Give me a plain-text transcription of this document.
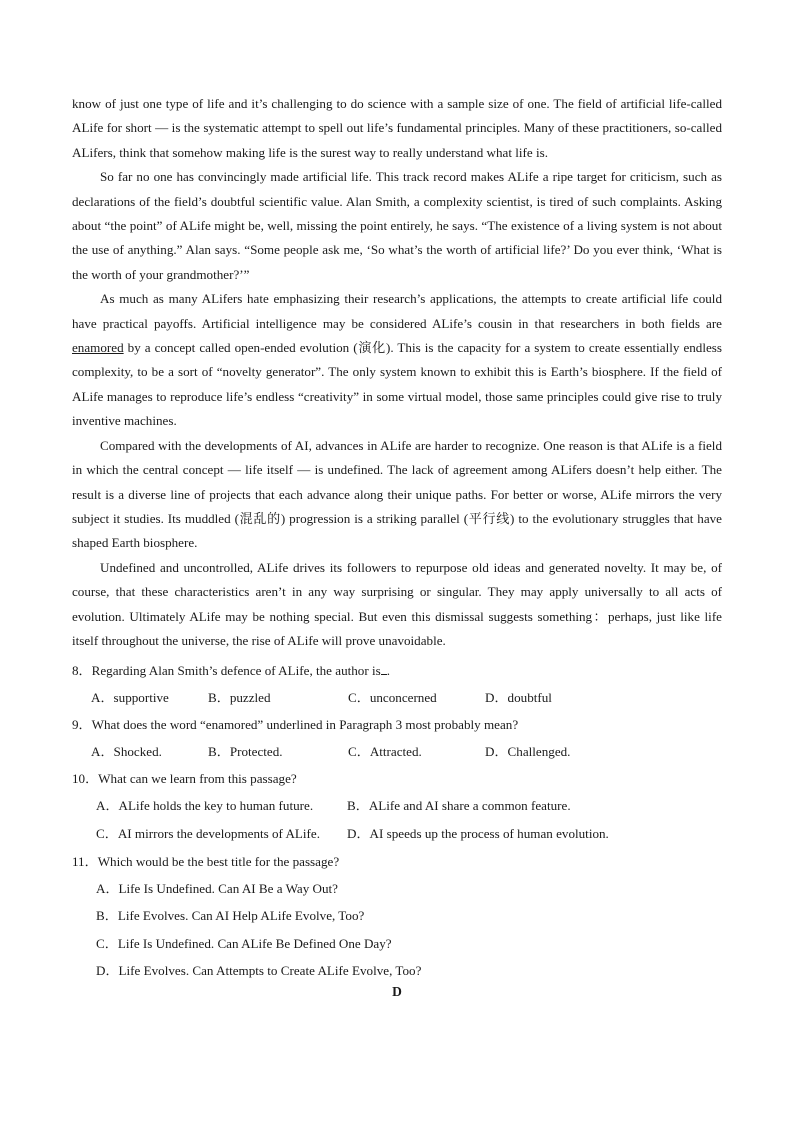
know of just one type of life and it’s challenging to do science with a sample size of one. The field of artificial life-called ALife for short — is the systematic attempt to spell out life’s fundamental principles. Many of these practitioners, so-called ALifers, think that somehow making life is the surest way to really understand what life is.

So far no one has convincingly made artificial life. This track record makes ALife a ripe target for criticism, such as declarations of the field’s doubtful scientific value. Alan Smith, a complexity scientist, is tired of such complaints. Asking about “the point” of ALife might be, well, missing the point entirely, he says. “The existence of a living system is not about the use of anything.” Alan says. “Some people ask me, ‘So what’s the worth of artificial life?’ Do you ever think, ‘What is the worth of your grandmother?’”

As much as many ALifers hate emphasizing their research’s applications, the attempts to create artificial life could have practical payoffs. Artificial intelligence may be considered ALife’s cousin in that researchers in both fields are enamored by a concept called open-ended evolution (演化). This is the capacity for a system to create essentially endless complexity, to be a sort of “novelty generator”. The only system known to exhibit this is Earth’s biosphere. If the field of ALife manages to reproduce life’s endless “creativity” in some virtual model, those same principles could give rise to truly inventive machines.

Compared with the developments of AI, advances in ALife are harder to recognize. One reason is that ALife is a field in which the central concept — life itself — is undefined. The lack of agreement among ALifers doesn’t help either. The result is a diverse line of projects that each advance along their unique paths. For better or worse, ALife mirrors the very subject it studies. Its muddled (混乱的) progression is a striking parallel (平行线) to the evolutionary struggles that have shaped Earth biosphere.

Undefined and uncontrolled, ALife drives its followers to repurpose old ideas and generated novelty. It may be, of course, that these characteristics aren’t in any way surprising or singular. They may apply universally to all acts of evolution. Ultimately ALife may be nothing special. But even this dismissal suggests something：perhaps, just like life itself throughout the universe, the rise of ALife will prove unavoidable.

8．Regarding Alan Smith’s defence of ALife, the author is .
A．supportive	B．puzzled	C．unconcerned	D．doubtful
9．What does the word “enamored” underlined in Paragraph 3 most probably mean?
A．Shocked.	B．Protected.	C．Attracted.	D．Challenged.
10．What can we learn from this passage?
A．ALife holds the key to human future.	B．ALife and AI share a common feature.
C．AI mirrors the developments of ALife. D．AI speeds up the process of human evolution.
11．Which would be the best title for the passage?
A．Life Is Undefined. Can AI Be a Way Out?
B．Life Evolves. Can AI Help ALife Evolve, Too?
C．Life Is Undefined. Can ALife Be Defined One Day?
D．Life Evolves. Can Attempts to Create ALife Evolve, Too?
D
